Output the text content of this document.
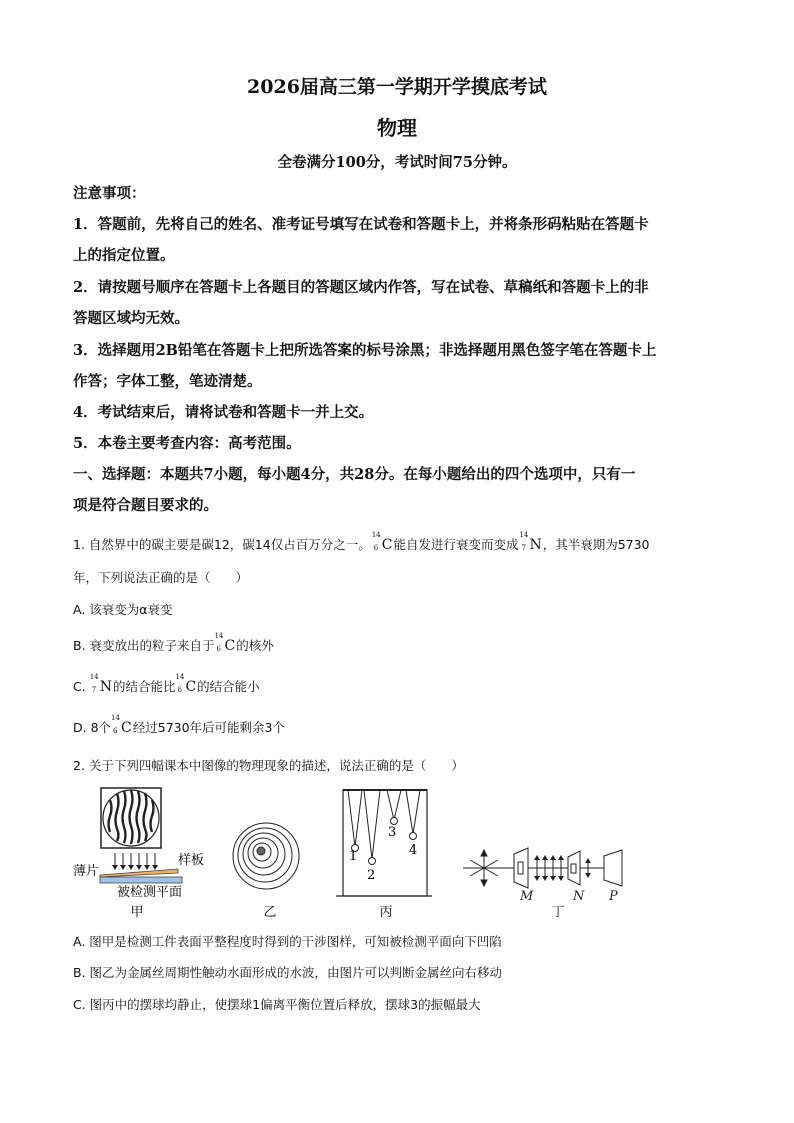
2026届高三第一学期开学摸底考试
物理
全卷满分100分，考试时间75分钟。
注意事项：
1．答题前，先将自己的姓名、准考证号填写在试卷和答题卡上，并将条形码粘贴在答题卡
上的指定位置。
2．请按题号顺序在答题卡上各题目的答题区域内作答，写在试卷、草稿纸和答题卡上的非
答题区域均无效。
3．选择题用2B铅笔在答题卡上把所选答案的标号涂黑；非选择题用黑色签字笔在答题卡上
作答；字体工整，笔迹清楚。
4．考试结束后，请将试卷和答题卡一并上交。
5．本卷主要考查内容：高考范围。
一、选择题：本题共7小题，每小题4分，共28分。在每小题给出的四个选项中，只有一
项是符合题目要求的。
1. 自然界中的碳主要是碳12，碳14仅占百万分之一。
14
6 C能自发进行衰变而变成
14
7 N，其半衰期为5730
年，下列说法正确的是（　　）
A. 该衰变为α衰变
B. 衰变放出的粒子来自于
14
6 C的核外
C.
14
7 N的结合能比
14
6 C的结合能小
D. 8个
14
6 C经过5730年后可能剩余3个
2. 关于下列四幅课本中图像的物理现象的描述，说法正确的是（　　）
薄片
样板
被检测平面
甲	乙
1
2
3
4
丙
M	N P
丁
A. 图甲是检测工件表面平整程度时得到的干涉图样，可知被检测平面向下凹陷
B. 图乙为金属丝周期性触动水面形成的水波，由图片可以判断金属丝向右移动
C. 图丙中的摆球均静止，使摆球1偏离平衡位置后释放，摆球3的振幅最大
